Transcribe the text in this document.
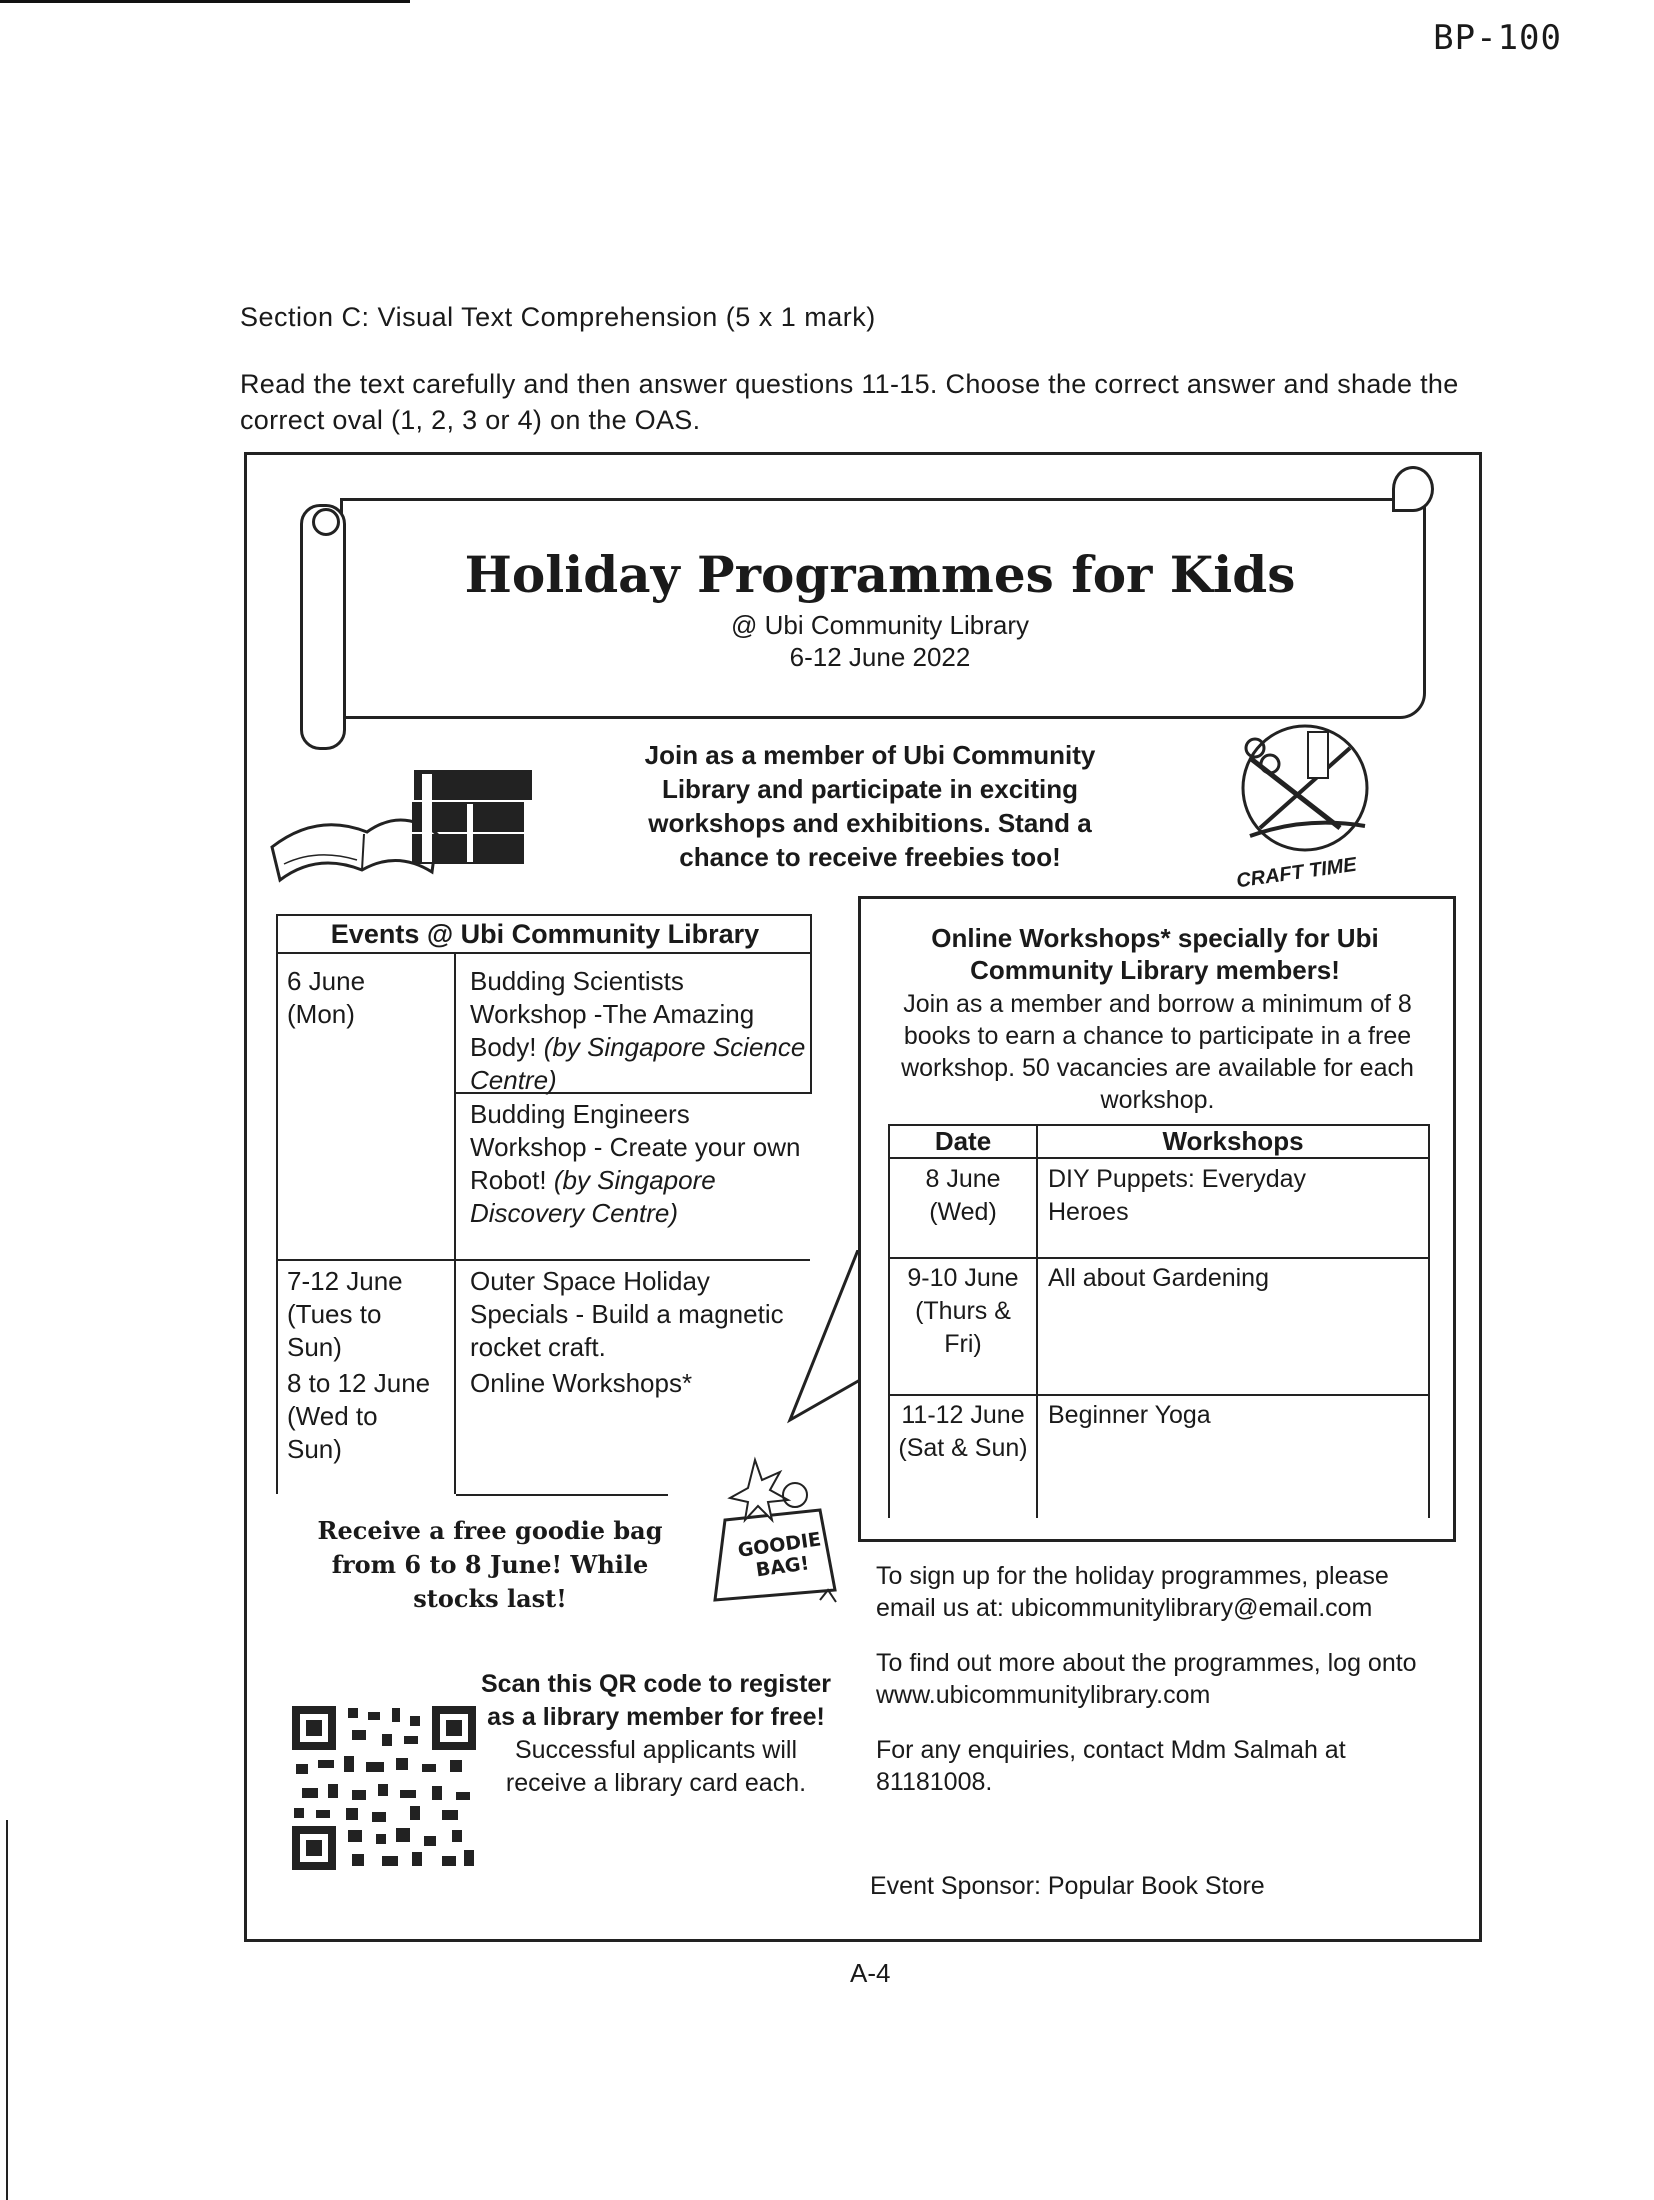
BP-100
Section C: Visual Text Comprehension (5 x 1 mark)
Read the text carefully and then answer questions 11-15. Choose the correct answer and shade the correct oval (1, 2, 3 or 4) on the OAS.
Holiday Programmes for Kids
@ Ubi Community Library
6-12 June 2022
Join as a member of Ubi Community Library and participate in exciting workshops and exhibitions. Stand a chance to receive freebies too!	CRAFT TIME
Events @ Ubi Community Library
6 June (Mon)
Budding Scientists Workshop -The Amazing Body! (by Singapore Science Centre)
Budding Engineers Workshop - Create your own Robot! (by Singapore Discovery Centre)
7-12 June (Tues to Sun)
Outer Space Holiday Specials - Build a magnetic rocket craft.
8 to 12 June (Wed to Sun)
Online Workshops*
Online Workshops* specially for Ubi Community Library members!
Join as a member and borrow a minimum of 8 books to earn a chance to participate in a free workshop. 50 vacancies are available for each workshop.
Date	Workshops
8 June (Wed)
DIY Puppets: Everyday Heroes
9-10 June (Thurs & Fri)
All about Gardening
11-12 June (Sat & Sun)
Beginner Yoga
Receive a free goodie bag from 6 to 8 June! While stocks last!
GOODIE BAG!
Scan this QR code to register as a library member for free!
Successful applicants will receive a library card each.

To sign up for the holiday programmes, please email us at: ubicommunitylibrary@email.com

To find out more about the programmes, log onto www.ubicommunitylibrary.com

For any enquiries, contact Mdm Salmah at 81181008.

Event Sponsor: Popular Book Store
A-4
